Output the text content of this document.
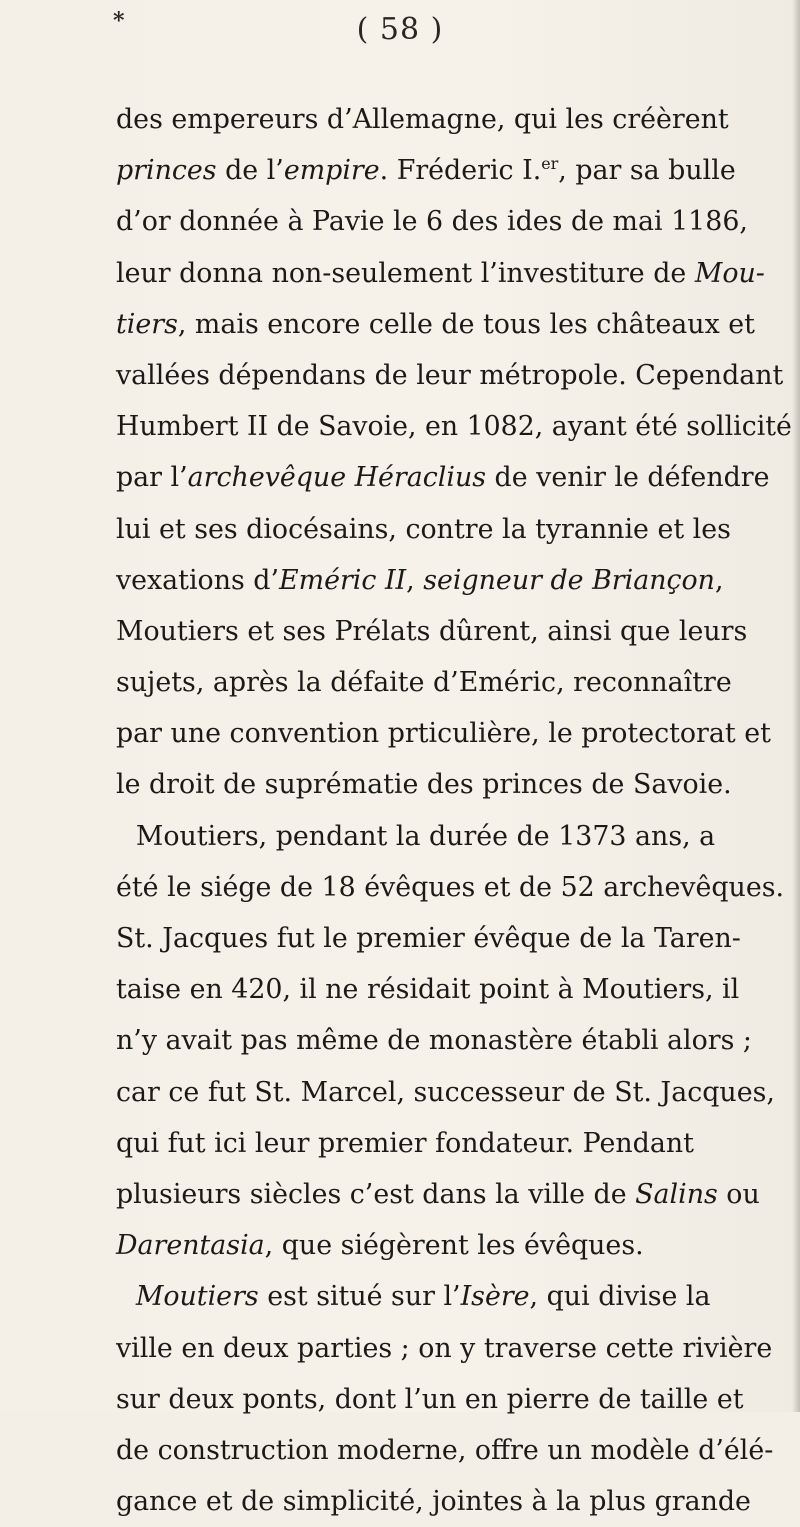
*	( 58 )
des empereurs d’Allemagne, qui les créèrent
princes de l’empire. Fréderic I.$^{er}$, par sa bulle
d’or donnée à Pavie le 6 des ides de mai 1186,
leur donna non-seulement l’investiture de Mou-
tiers, mais encore celle de tous les châteaux et
vallées dépendans de leur métropole. Cependant
Humbert II de Savoie, en 1082, ayant été sollicité
par l’archevêque Héraclius de venir le défendre
lui et ses diocésains, contre la tyrannie et les
vexations d’Eméric II, seigneur de Briançon,
Moutiers et ses Prélats dûrent, ainsi que leurs
sujets, après la défaite d’Eméric, reconnaître
par une convention prticulière, le protectorat et
le droit de suprématie des princes de Savoie.
Moutiers, pendant la durée de 1373 ans, a
été le siége de 18 évêques et de 52 archevêques.
St. Jacques fut le premier évêque de la Taren-
taise en 420, il ne résidait point à Moutiers, il
n’y avait pas même de monastère établi alors ;
car ce fut St. Marcel, successeur de St. Jacques,
qui fut ici leur premier fondateur. Pendant
plusieurs siècles c’est dans la ville de Salins ou
Darentasia, que siégèrent les évêques.
Moutiers est situé sur l’Isère, qui divise la
ville en deux parties ; on y traverse cette rivière
sur deux ponts, dont l’un en pierre de taille et
de construction moderne, offre un modèle d’élé-
gance et de simplicité, jointes à la plus grande
